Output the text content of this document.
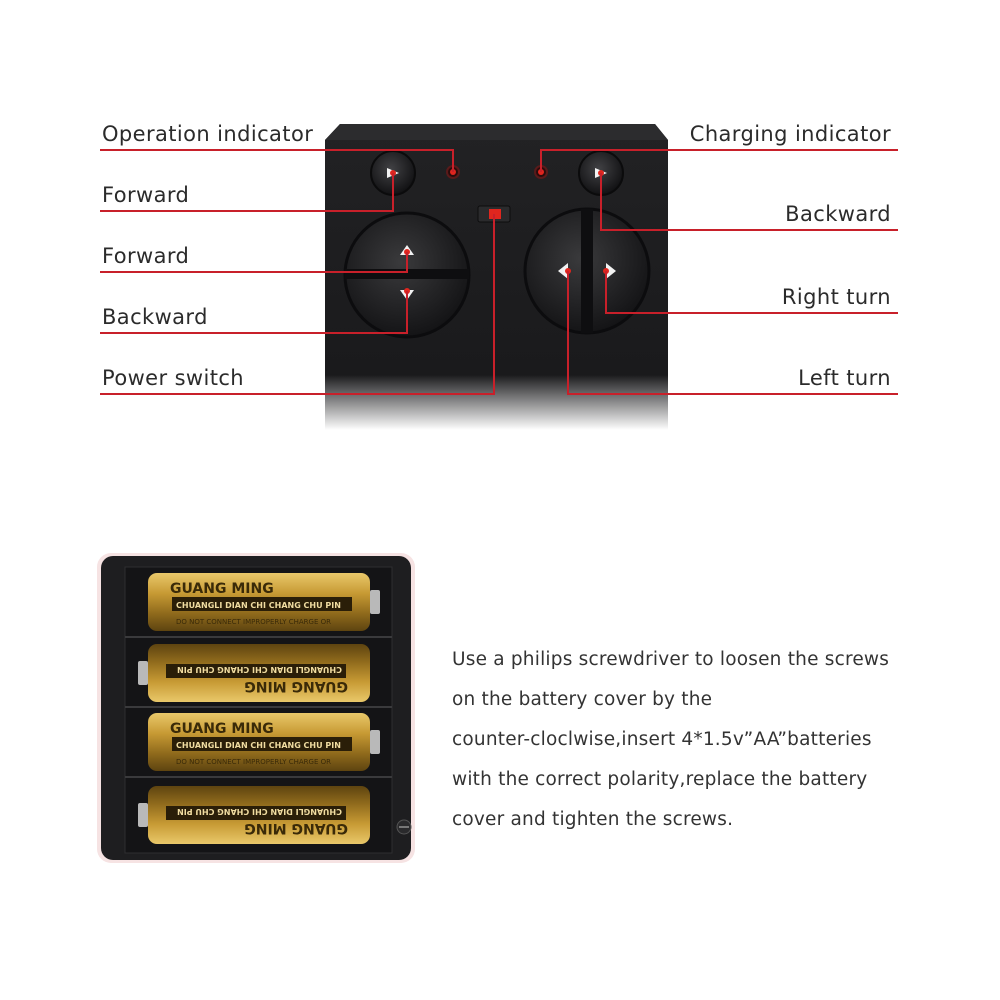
GUANG MING
CHUANGLI DIAN CHI CHANG CHU PIN
DO NOT CONNECT IMPROPERLY CHARGE OR
GUANG MING
CHUANGLI DIAN CHI CHANG CHU PIN
GUANG MING
CHUANGLI DIAN CHI CHANG CHU PIN
DO NOT CONNECT IMPROPERLY CHARGE OR
GUANG MING
CHUANGLI DIAN CHI CHANG CHU PIN
Operation indicator
Forward
Forward
Backward
Power switch
Charging indicator
Backward
Right turn
Left turn
Use a philips screwdriver to loosen the screws
on the battery cover by the
counter-cloclwise,insert 4*1.5v”AA”batteries
with the correct polarity,replace the battery
cover and tighten the screws.
